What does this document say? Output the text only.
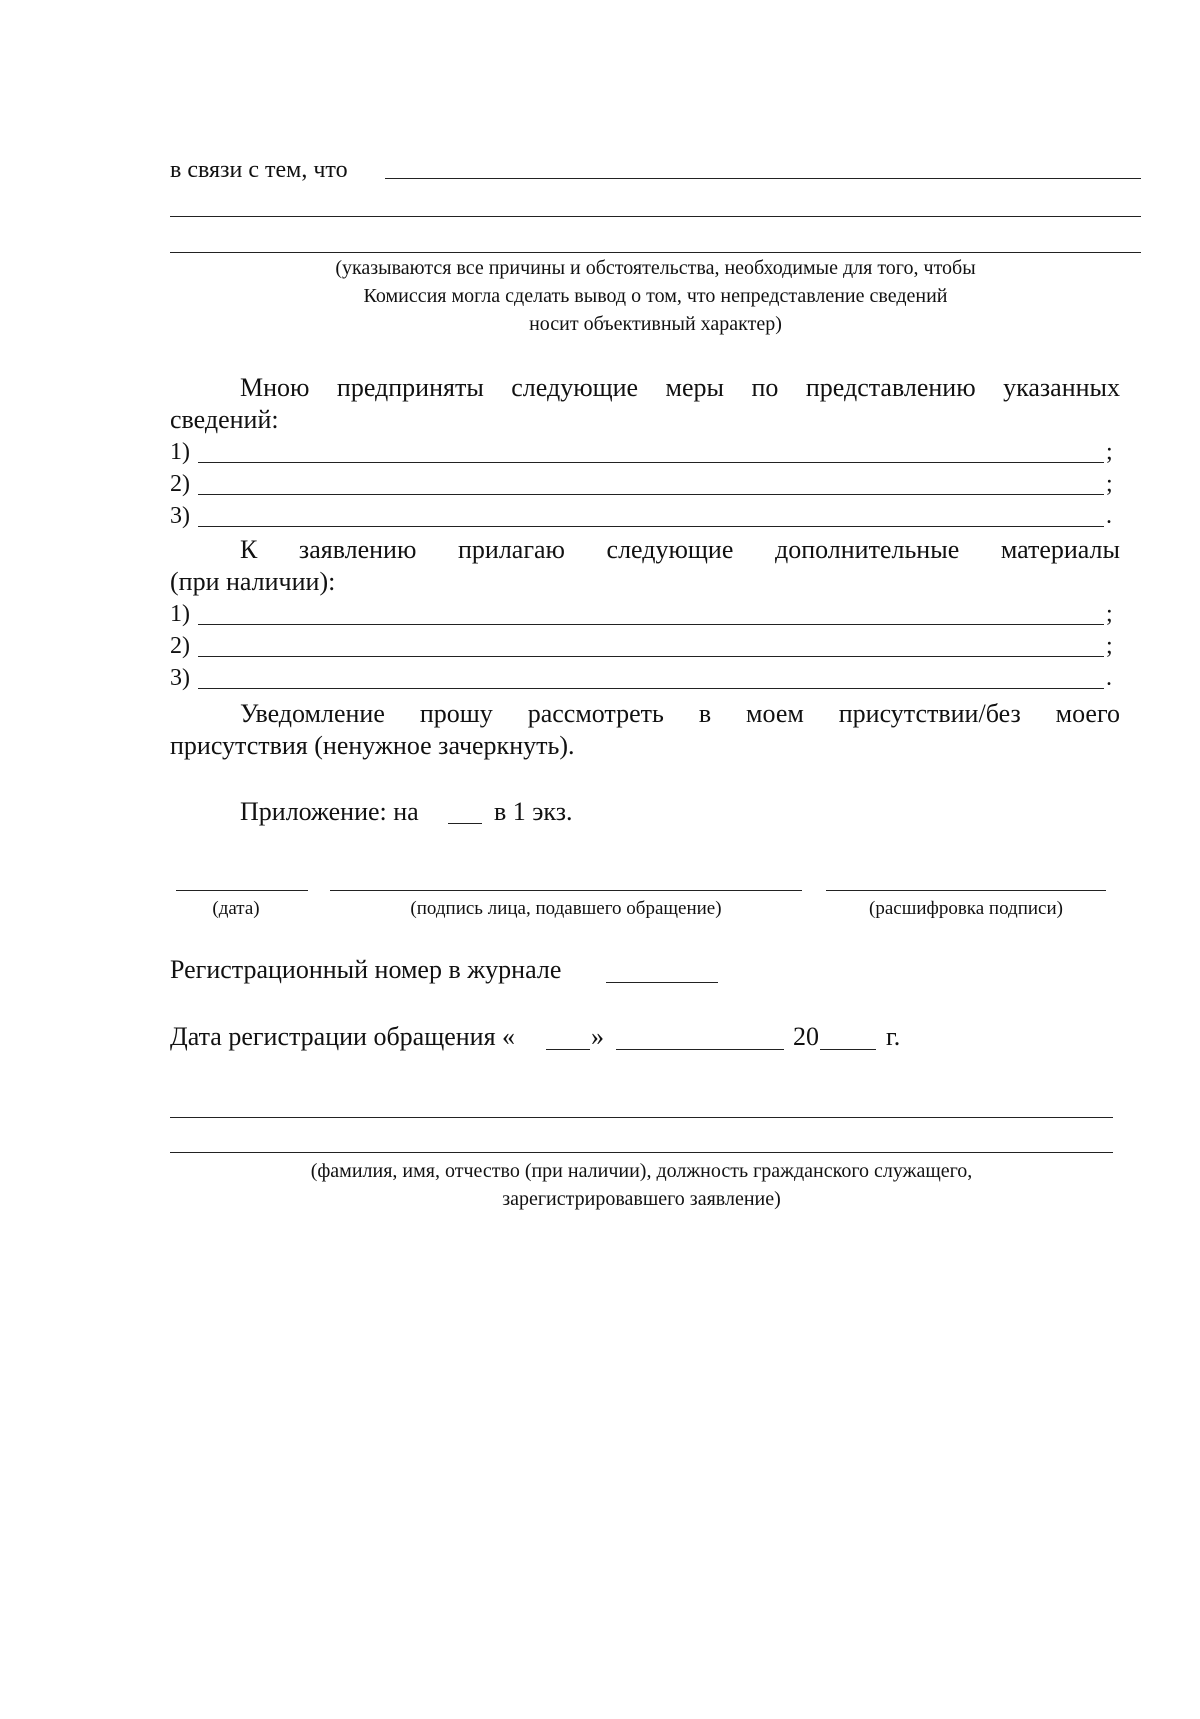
в связи с тем, что
(указываются все причины и обстоятельства, необходимые для того, чтобы
Комиссия могла сделать вывод о том, что непредставление сведений
носит объективный характер)
Мною предприняты следующие меры по представлению указанных
сведений:
1)	;
2)	;
3)	.
К заявлению прилагаю следующие дополнительные материалы
(при наличии):
1)	;
2)	;
3)	.
Уведомление прошу рассмотреть в моем присутствии/без моего
присутствия (ненужное зачеркнуть).
Приложение: на	в 1 экз.
(дата)	(подпись лица, подавшего обращение)	(расшифровка подписи)
Регистрационный номер в журнале
Дата регистрации обращения «	»	20	г.
(фамилия, имя, отчество (при наличии), должность гражданского служащего,
зарегистрировавшего заявление)
